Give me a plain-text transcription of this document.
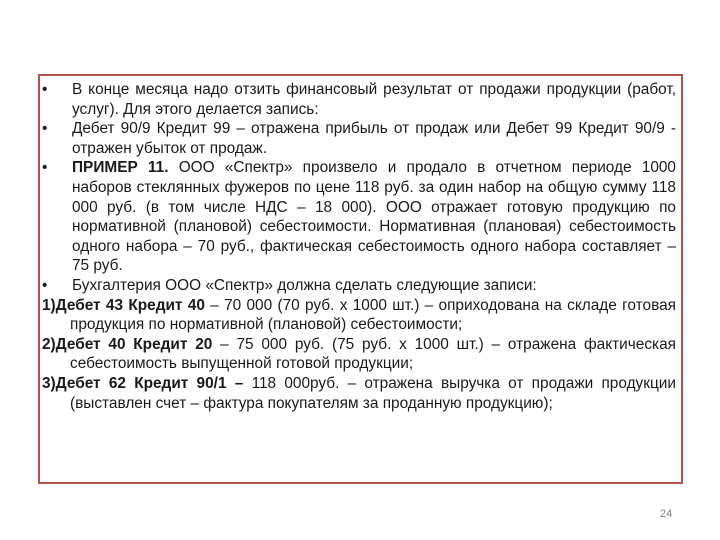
• В конце месяца надо отзить финансовый результат от продажи продукции (работ, услуг). Для этого делается запись:
• Дебет 90/9 Кредит 99 – отражена прибыль от продаж или Дебет 99 Кредит 90/9 - отражен убыток от продаж.
• ПРИМЕР 11. ООО «Спектр» произвело и продало в отчетном периоде 1000 наборов стеклянных фужеров по цене 118 руб. за один набор на общую сумму 118 000 руб. (в том числе НДС – 18 000). ООО отражает готовую продукцию по нормативной (плановой) себестоимости. Нормативная (плановая) себестоимость одного набора – 70 руб., фактическая себестоимость одного набора составляет – 75 руб.
• Бухгалтерия ООО «Спектр» должна сделать следующие записи:
1)Дебет 43 Кредит 40 – 70 000 (70 руб. х 1000 шт.) – оприходована на складе готовая продукция по нормативной (плановой) себестоимости;
2)Дебет 40 Кредит 20 – 75 000 руб. (75 руб. х 1000 шт.) – отражена фактическая себестоимость выпущенной готовой продукции;
3)Дебет 62 Кредит 90/1 – 118 000руб. – отражена выручка от продажи продукции (выставлен счет – фактура покупателям за проданную продукцию);
24
